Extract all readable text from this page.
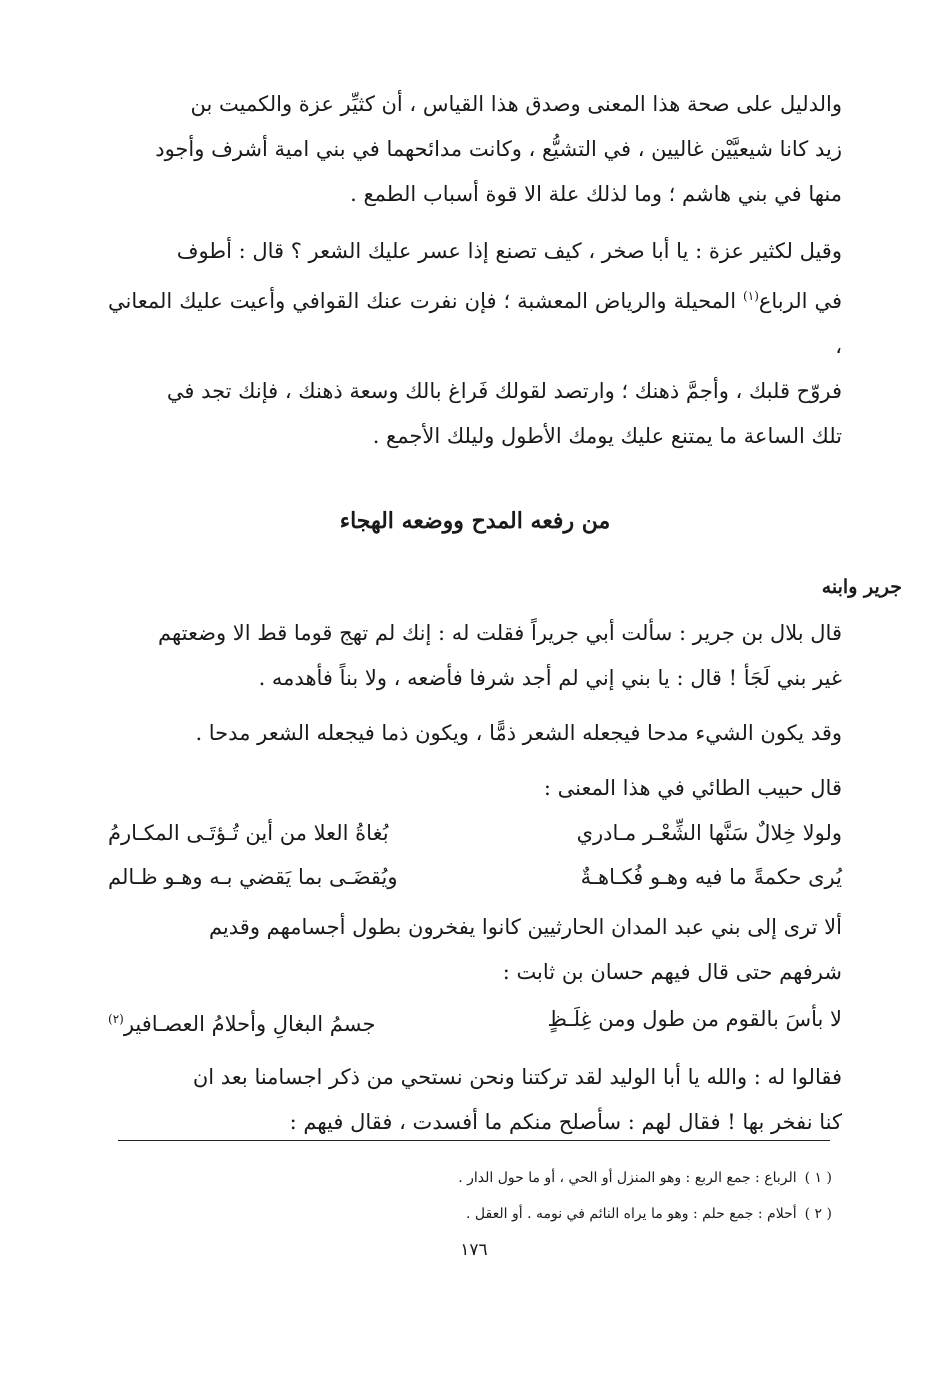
والدليل على صحة هذا المعنى وصدق هذا القياس ، أن كثيِّر عزة والكميت بن
زيد كانا شيعيَّيْن غاليين ، في التشيُّع ، وكانت مدائحهما في بني امية أشرف وأجود
منها في بني هاشم ؛ وما لذلك علة الا قوة أسباب الطمع .

وقيل لكثير عزة : يا أبا صخر ، كيف تصنع إذا عسر عليك الشعر ؟ قال : أطوف
في الرباع$^{(١)}$ المحيلة والرياض المعشبة ؛ فإن نفرت عنك القوافي وأعيت عليك المعاني ،
فروّح قلبك ، وأجمَّ ذهنك ؛ وارتصد لقولك فَراغ بالك وسعة ذهنك ، فإنك تجد في
تلك الساعة ما يمتنع عليك يومك الأطول وليلك الأجمع .

من رفعه المدح ووضعه الهجاء
جرير وابنه

قال بلال بن جرير : سألت أبي جريراً فقلت له : إنك لم تهج قوما قط الا وضعتهم
غير بني لَجَأ ! قال : يا بني إني لم أجد شرفا فأضعه ، ولا بناً فأهدمه .

وقد يكون الشيء مدحا فيجعله الشعر ذمًّا ، ويكون ذما فيجعله الشعر مدحا .

قال حبيب الطائي في هذا المعنى :

ولولا خِلالٌ سَنَّها الشِّعْـر مـادري
بُغاةُ العلا من أين تُـؤتَـى المكـارمُ
يُرى حكمةً ما فيه وهـو فُكـاهـةٌ
ويُقضَـى بما يَقضي بـه وهـو ظـالم

ألا ترى إلى بني عبد المدان الحارثيين كانوا يفخرون بطول أجسامهم وقديم
شرفهم حتى قال فيهم حسان بن ثابت :

لا بأسَ بالقوم من طول ومن غِلَـظٍ
جسمُ البغالِ وأحلامُ العصـافير$^{(٢)}$

فقالوا له : والله يا أبا الوليد لقد تركتنا ونحن نستحي من ذكر اجسامنا بعد ان
كنا نفخر بها ! فقال لهم : سأصلح منكم ما أفسدت ، فقال فيهم :

( ١ )الرباع : جمع الربع : وهو المنزل أو الحي ، أو ما حول الدار .
( ٢ )أحلام : جمع حلم : وهو ما يراه النائم في نومه . أو العقل .
١٧٦
